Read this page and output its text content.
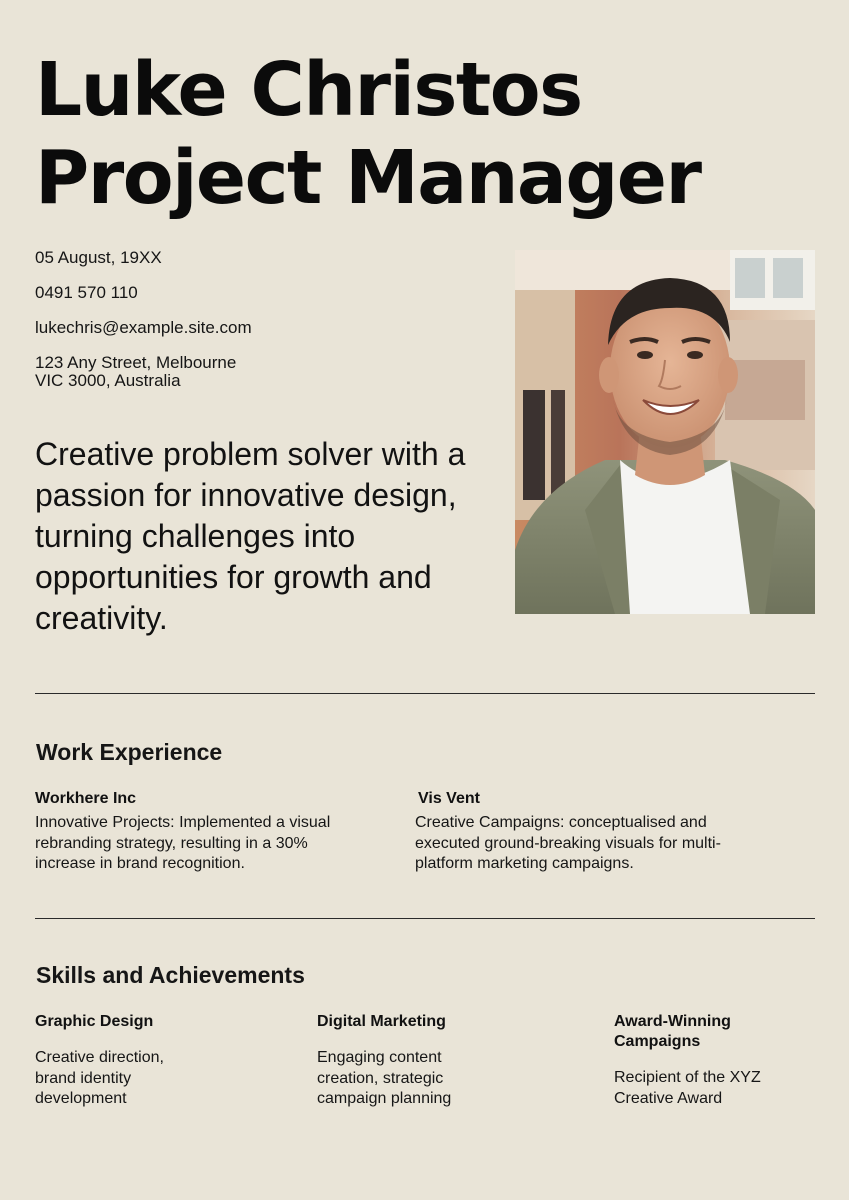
Luke Christos
Project Manager
05 August, 19XX
0491 570 110
lukechris@example.site.com
123 Any Street, Melbourne
VIC 3000, Australia

Creative problem solver with a passion for innovative design, turning challenges into opportunities for growth and creativity.

Work Experience
Workhere Inc
Innovative Projects: Implemented a visual rebranding strategy, resulting in a 30% increase in brand recognition.
Vis Vent
Creative Campaigns: conceptualised and executed ground-breaking visuals for multi-platform marketing campaigns.
Skills and Achievements
Graphic Design
Creative direction, brand identity development
Digital Marketing
Engaging content creation, strategic campaign planning
Award-Winning Campaigns
Recipient of the XYZ Creative Award
